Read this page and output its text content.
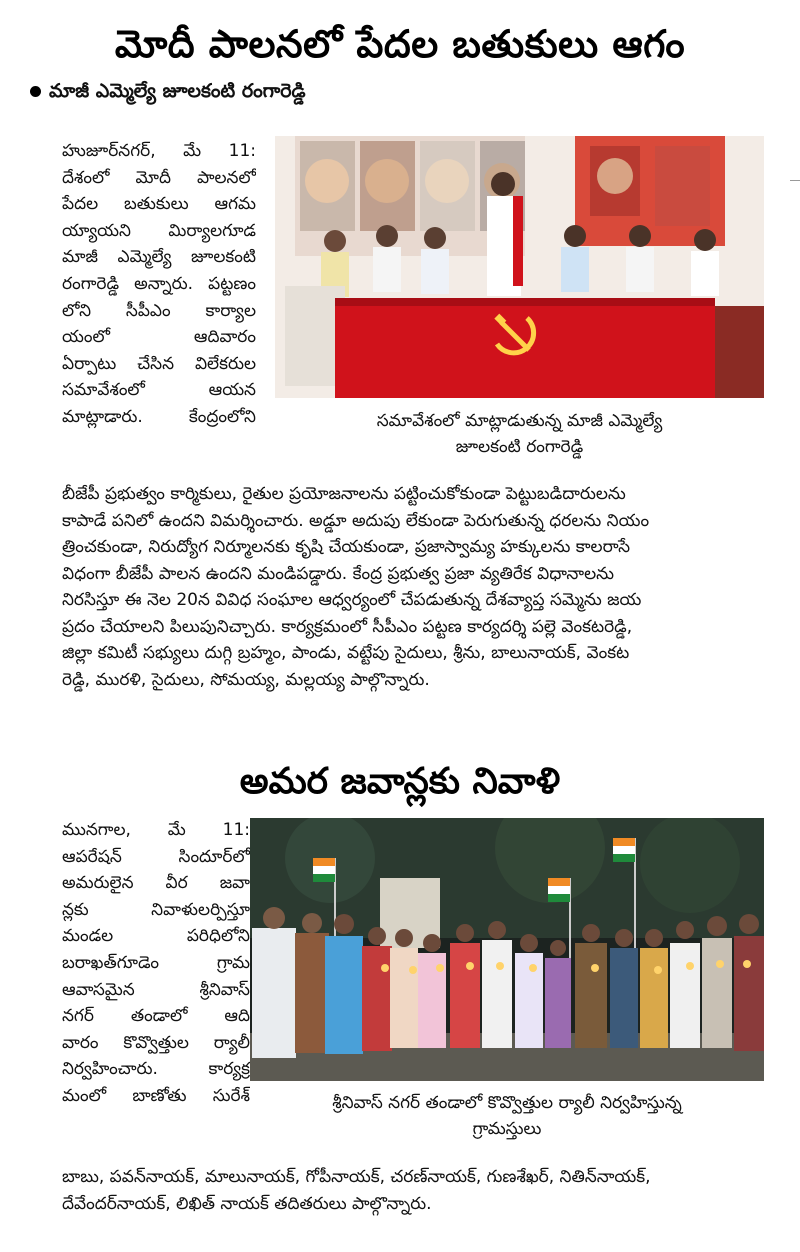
మోదీ పాలనలో పేదల బతుకులు ఆగం
మాజీ ఎమ్మెల్యే జూలకంటి రంగారెడ్డి
హుజూర్‌నగర్, మే 11:
దేశంలో మోదీ పాలనలో
పేదల బతుకులు ఆగమ
య్యాయని మిర్యాలగూడ
మాజీ ఎమ్మెల్యే జూలకంటి
రంగారెడ్డి అన్నారు. పట్టణం
లోని సీపీఎం కార్యాల
యంలో ఆదివారం
ఏర్పాటు చేసిన విలేకరుల
సమావేశంలో ఆయన
మాట్లాడారు. కేంద్రంలోని	సమావేశంలో మాట్లాడుతున్న మాజీ ఎమ్మెల్యే
జూలకంటి రంగారెడ్డి
బీజేపీ ప్రభుత్వం కార్మికులు, రైతుల ప్రయోజనాలను పట్టించుకోకుండా పెట్టుబడిదారులను
కాపాడే పనిలో ఉందని విమర్శించారు. అడ్డూ అదుపు లేకుండా పెరుగుతున్న ధరలను నియం
త్రించకుండా, నిరుద్యోగ నిర్మూలనకు కృషి చేయకుండా, ప్రజాస్వామ్య హక్కులను కాలరాసే
విధంగా బీజేపీ పాలన ఉందని మండిపడ్డారు. కేంద్ర ప్రభుత్వ ప్రజా వ్యతిరేక విధానాలను
నిరసిస్తూ ఈ నెల 20న వివిధ సంఘాల ఆధ్వర్యంలో చేపడుతున్న దేశవ్యాప్త సమ్మెను జయ
ప్రదం చేయాలని పిలుపునిచ్చారు. కార్యక్రమంలో సీపీఎం పట్టణ కార్యదర్శి పల్లె వెంకటరెడ్డి,
జిల్లా కమిటీ సభ్యులు దుగ్గి బ్రహ్మం, పాండు, వట్టేపు సైదులు, శ్రీను, బాలునాయక్, వెంకట
రెడ్డి, మురళి, సైదులు, సోమయ్య, మల్లయ్య పాల్గొన్నారు.
అమర జవాన్లకు నివాళి
మునగాల, మే 11:
ఆపరేషన్ సిందూర్‌లో
అమరులైన వీర జవా
న్లకు నివాళులర్పిస్తూ
మండల పరిధిలోని
బరాఖత్‌గూడెం గ్రామ
ఆవాసమైన శ్రీనివాస్
నగర్ తండాలో ఆది
వారం కొవ్వొత్తుల ర్యాలీ
నిర్వహించారు. కార్యక్ర
మంలో బాణోతు సురేశ్	శ్రీనివాస్ నగర్ తండాలో కొవ్వొత్తుల ర్యాలీ నిర్వహిస్తున్న
గ్రామస్తులు
బాబు, పవన్‌నాయక్, మాలునాయక్, గోపీనాయక్, చరణ్‌నాయక్, గుణశేఖర్, నితిన్‌నాయక్,
దేవేందర్‌నాయక్, లిఖిత్ నాయక్ తదితరులు పాల్గొన్నారు.
